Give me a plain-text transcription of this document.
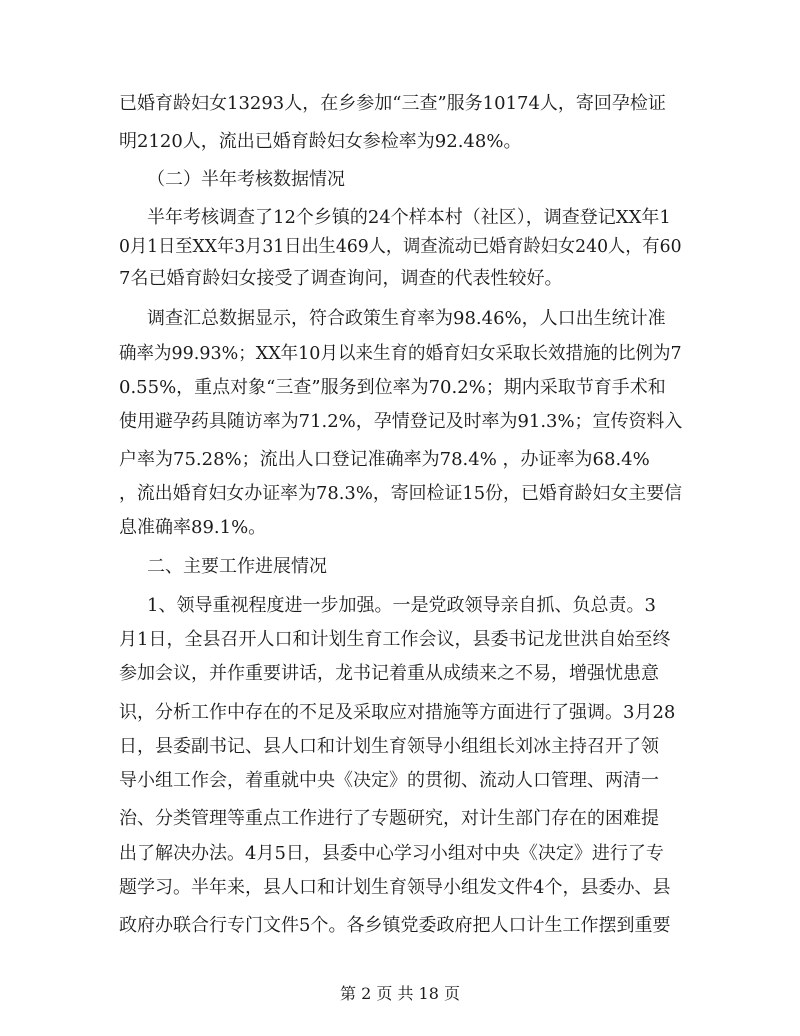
已婚育龄妇女13293人，在乡参加“三查”服务10174人，寄回孕检证
明2120人，流出已婚育龄妇女参检率为92.48%。
（二）半年考核数据情况
半年考核调查了12个乡镇的24个样本村（社区），调查登记XX年1
0月1日至XX年3月31日出生469人，调查流动已婚育龄妇女240人，有60
7名已婚育龄妇女接受了调查询问，调查的代表性较好。
调查汇总数据显示，符合政策生育率为98.46%，人口出生统计准
确率为99.93%；XX年10月以来生育的婚育妇女采取长效措施的比例为7
0.55%，重点对象“三查”服务到位率为70.2%；期内采取节育手术和
使用避孕药具随访率为71.2%，孕情登记及时率为91.3%；宣传资料入
户率为75.28%；流出人口登记准确率为78.4% ，办证率为68.4%
，流出婚育妇女办证率为78.3%，寄回检证15份，已婚育龄妇女主要信
息准确率89.1%。
二、主要工作进展情况
1、领导重视程度进一步加强。一是党政领导亲自抓、负总责。3
月1日，全县召开人口和计划生育工作会议，县委书记龙世洪自始至终
参加会议，并作重要讲话，龙书记着重从成绩来之不易，增强忧患意
识，分析工作中存在的不足及采取应对措施等方面进行了强调。3月28
日，县委副书记、县人口和计划生育领导小组组长刘冰主持召开了领
导小组工作会，着重就中央《决定》的贯彻、流动人口管理、两清一
治、分类管理等重点工作进行了专题研究，对计生部门存在的困难提
出了解决办法。4月5日，县委中心学习小组对中央《决定》进行了专
题学习。半年来，县人口和计划生育领导小组发文件4个，县委办、县
政府办联合行专门文件5个。各乡镇党委政府把人口计生工作摆到重要
第 2 页 共 18 页
